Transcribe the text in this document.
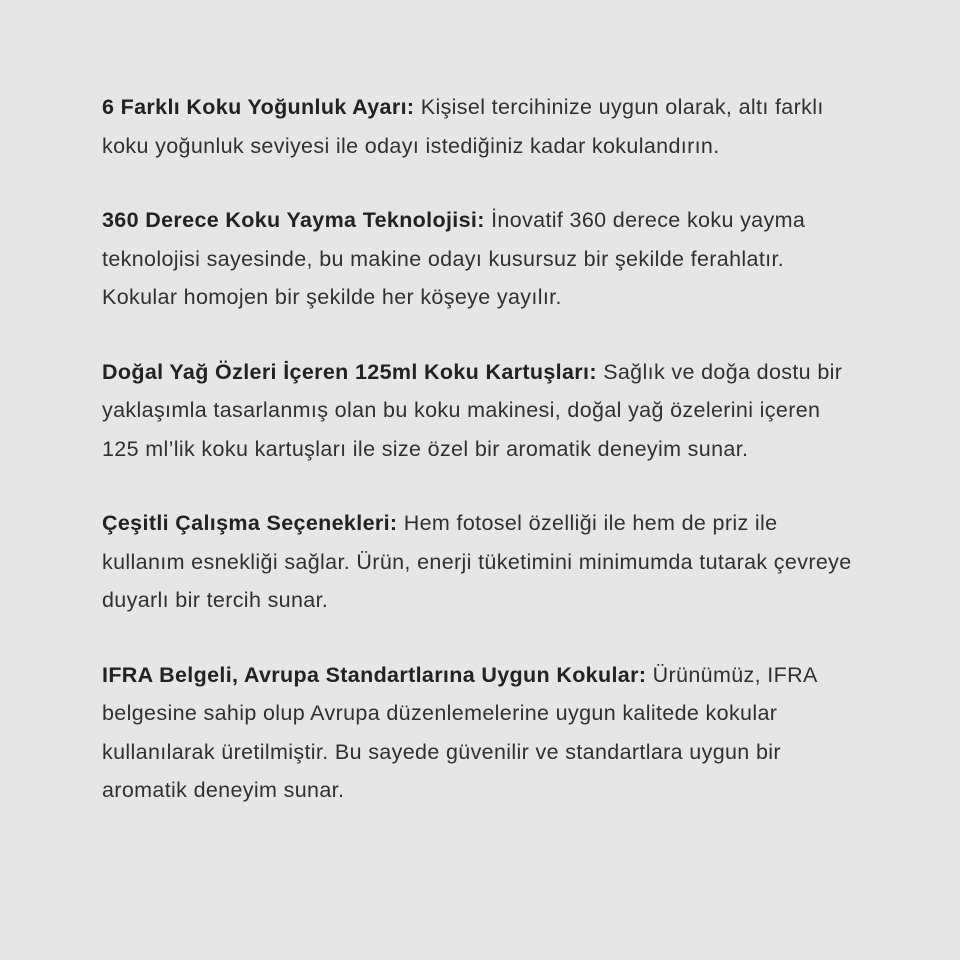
6 Farklı Koku Yoğunluk Ayarı: Kişisel tercihinize uygun olarak, altı farklı koku yoğunluk seviyesi ile odayı istediğiniz kadar kokulandırın.

360 Derece Koku Yayma Teknolojisi: İnovatif 360 derece koku yayma teknolojisi sayesinde, bu makine odayı kusursuz bir şekilde ferahlatır. Kokular homojen bir şekilde her köşeye yayılır.

Doğal Yağ Özleri İçeren 125ml Koku Kartuşları: Sağlık ve doğa dostu bir yaklaşımla tasarlanmış olan bu koku makinesi, doğal yağ özelerini içeren 125 ml’lik koku kartuşları ile size özel bir aromatik deneyim sunar.

Çeşitli Çalışma Seçenekleri: Hem fotosel özelliği ile hem de priz ile kullanım esnekliği sağlar. Ürün, enerji tüketimini minimumda tutarak çevreye duyarlı bir tercih sunar.

IFRA Belgeli, Avrupa Standartlarına Uygun Kokular: Ürünümüz, IFRA belgesine sahip olup Avrupa düzenlemelerine uygun kalitede kokular kullanılarak üretilmiştir. Bu sayede güvenilir ve standartlara uygun bir aromatik deneyim sunar.
